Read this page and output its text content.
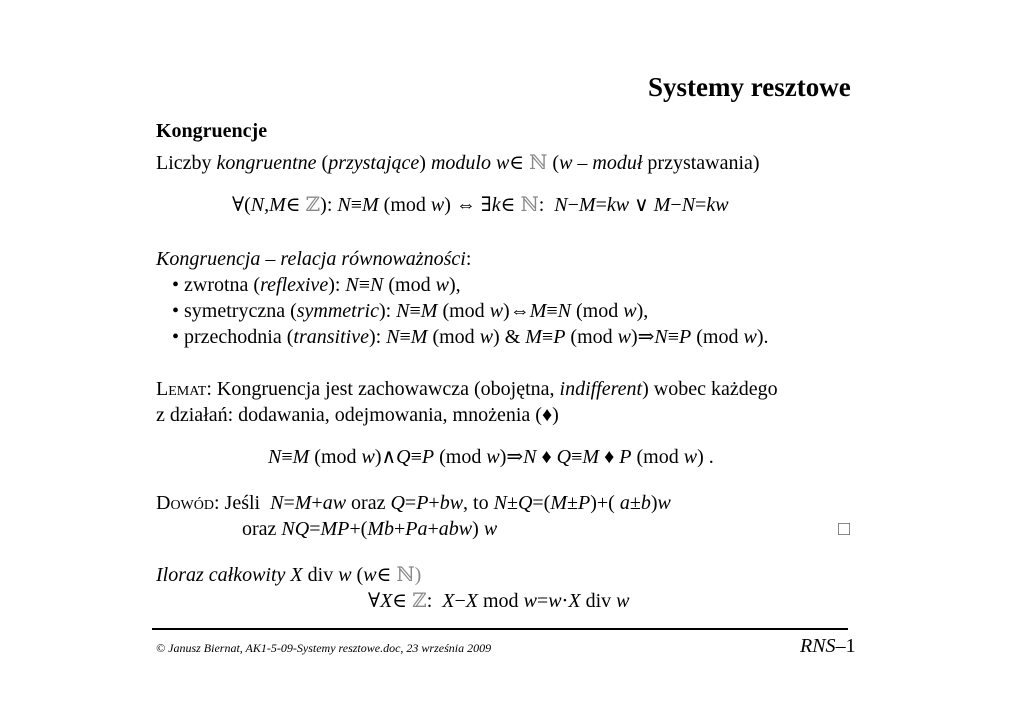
Systemy resztowe
Kongruencje
Liczby kongruentne (przystające) modulo w∈ ℕ (w – moduł przystawania)
∀(N,M∈ ℤ): N≡M (mod w) ⇔ ∃k∈ ℕ:  N−M=kw ∨ M−N=kw
Kongruencja – relacja równoważności:
• zwrotna (reflexive): N≡N (mod w),
• symetryczna (symmetric): N≡M (mod w)⇔M≡N (mod w),
• przechodnia (transitive): N≡M (mod w) & M≡P (mod w)⇒N≡P (mod w).
Lemat: Kongruencja jest zachowawcza (obojętna, indifferent) wobec każdego
z działań: dodawania, odejmowania, mnożenia (♦)
N≡M (mod w)∧Q≡P (mod w)⇒N ♦ Q≡M ♦ P (mod w) .
Dowód: Jeśli  N=M+aw oraz Q=P+bw, to N±Q=(M±P)+( a±b)w
oraz NQ=MP+(Mb+Pa+abw) w	□
Iloraz całkowity X div w (w∈ ℕ)
∀X∈ ℤ:  X−X mod w=w⋅X div w
© Janusz Biernat, AK1-5-09-Systemy resztowe.doc, 23 września 2009	RNS–1
